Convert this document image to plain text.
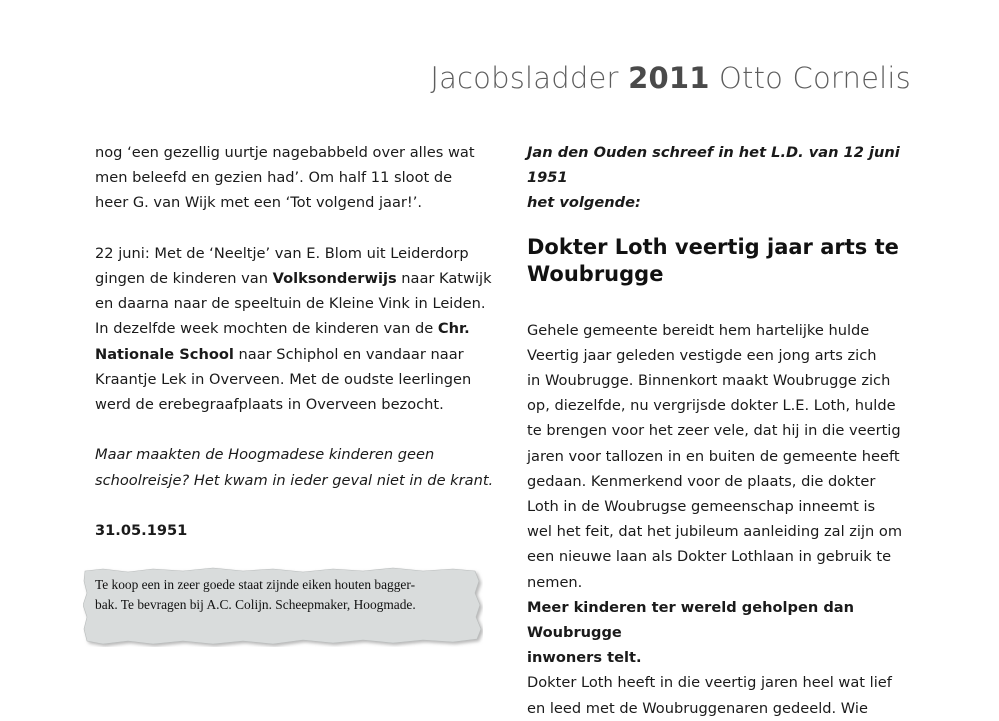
Jacobsladder 2011 Otto Cornelis

nog ‘een gezellig uurtje nagebabbeld over alles wat
men beleefd en gezien had’. Om half 11 sloot de
heer G. van Wijk met een ‘Tot volgend jaar!’.

22 juni: Met de ‘Neeltje’ van E. Blom uit Leiderdorp
gingen de kinderen van Volksonderwijs naar Katwijk
en daarna naar de speeltuin de Kleine Vink in Leiden.
In dezelfde week mochten de kinderen van de Chr.
Nationale School naar Schiphol en vandaar naar
Kraantje Lek in Overveen. Met de oudste leerlingen
werd de erebegraafplaats in Overveen bezocht.

Maar maakten de Hoogmadese kinderen geen
schoolreisje? Het kwam in ieder geval niet in de krant.

31.05.1951

Te koop een in zeer goede staat zijnde eiken houten bagger-
bak. Te bevragen bij A.C. Colijn. Scheepmaker, Hoogmade.

Jan den Ouden schreef in het L.D. van 12 juni 1951
het volgende:

Dokter Loth veertig jaar arts te
Woubrugge

Gehele gemeente bereidt hem hartelijke hulde
Veertig jaar geleden vestigde een jong arts zich
in Woubrugge. Binnenkort maakt Woubrugge zich
op, diezelfde, nu vergrijsde dokter L.E. Loth, hulde
te brengen voor het zeer vele, dat hij in die veertig
jaren voor tallozen in en buiten de gemeente heeft
gedaan. Kenmerkend voor de plaats, die dokter
Loth in de Woubrugse gemeenschap inneemt is
wel het feit, dat het jubileum aanleiding zal zijn om
een nieuwe laan als Dokter Lothlaan in gebruik te
nemen.

Meer kinderen ter wereld geholpen dan Woubrugge
inwoners telt.

Dokter Loth heeft in die veertig jaren heel wat lief
en leed met de Woubruggenaren gedeeld. Wie
